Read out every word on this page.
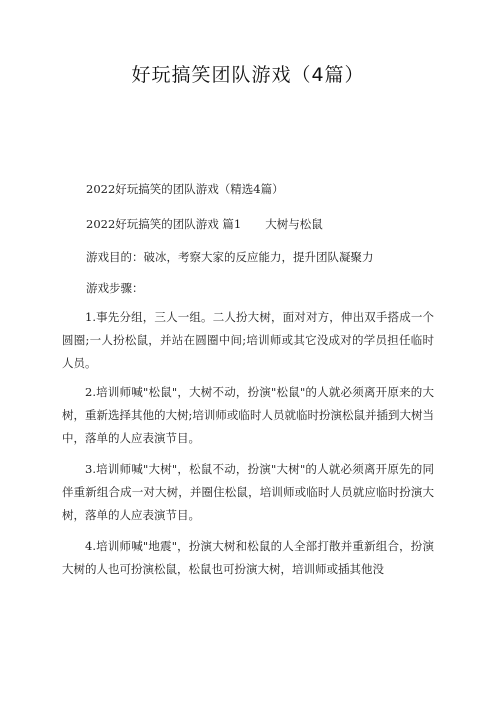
好玩搞笑团队游戏（4篇）
2022好玩搞笑的团队游戏（精选4篇）
2022好玩搞笑的团队游戏 篇1 大树与松鼠
游戏目的：破冰，考察大家的反应能力，提升团队凝聚力
游戏步骤：
1.事先分组，三人一组。二人扮大树，面对对方，伸出双手搭成一个圆圈;一人扮松鼠，并站在圆圈中间;培训师或其它没成对的学员担任临时人员。
2.培训师喊"松鼠"，大树不动，扮演"松鼠"的人就必须离开原来的大树，重新选择其他的大树;培训师或临时人员就临时扮演松鼠并插到大树当中，落单的人应表演节目。
3.培训师喊"大树"，松鼠不动，扮演"大树"的人就必须离开原先的同伴重新组合成一对大树，并圈住松鼠，培训师或临时人员就应临时扮演大树，落单的人应表演节目。
4.培训师喊"地震"，扮演大树和松鼠的人全部打散并重新组合，扮演大树的人也可扮演松鼠，松鼠也可扮演大树，培训师或插其他没
